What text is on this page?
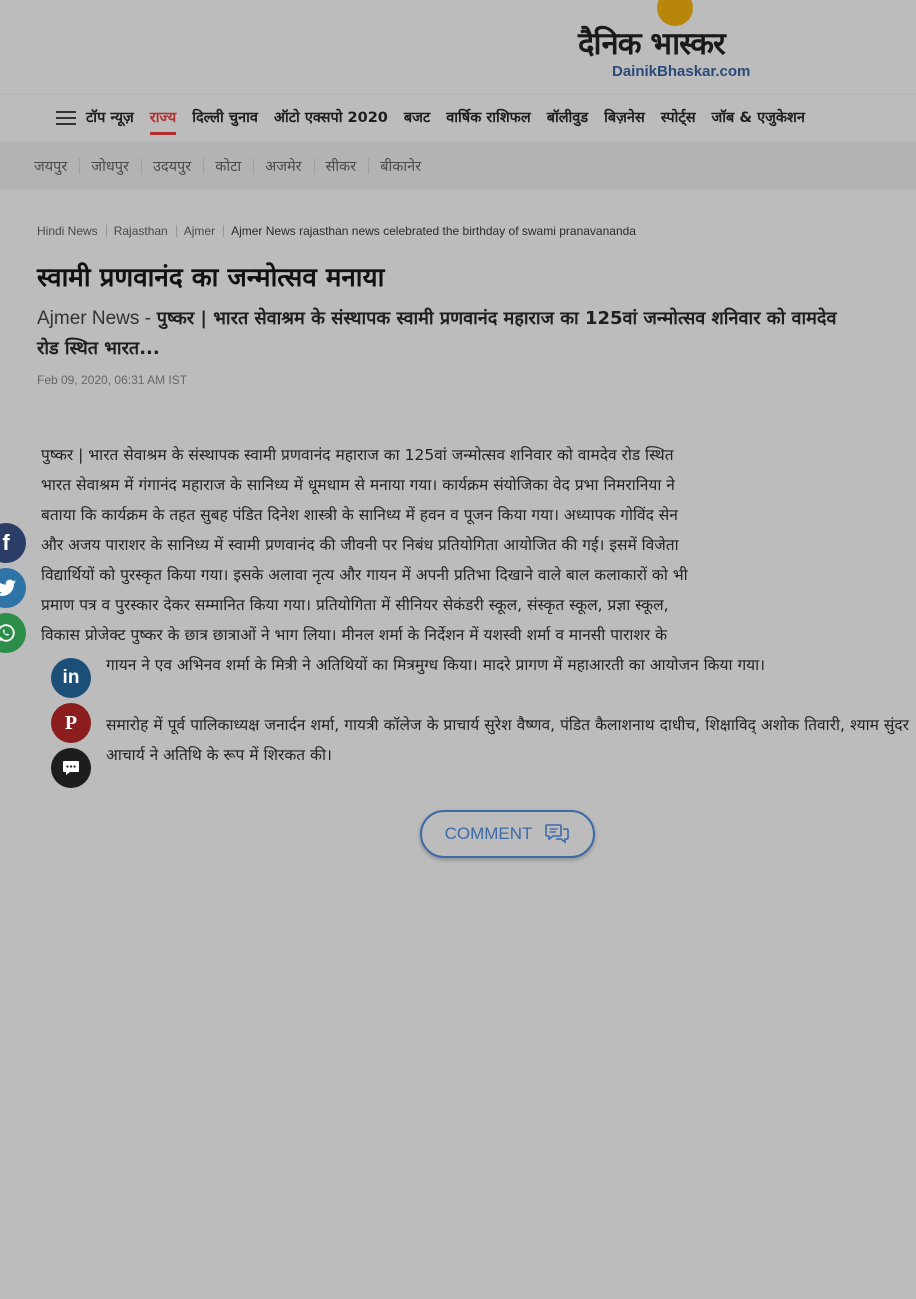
दैनिक भास्कर
DainikBhaskar.com
टॉप न्यूज़ राज्य दिल्ली चुनाव ऑटो एक्सपो 2020 बजट वार्षिक राशिफल बॉलीवुड बिज़नेस स्पोर्ट्स जॉब & एजुकेशन
जयपुर	जोधपुर	उदयपुर	कोटा	अजमेर	सीकर	बीकानेर
Hindi News	Rajasthan	Ajmer	Ajmer News rajasthan news celebrated the birthday of swami pranavananda
स्वामी प्रणवानंद का जन्मोत्सव मनाया
Ajmer News - पुष्कर | भारत सेवाश्रम के संस्थापक स्वामी प्रणवानंद महाराज का 125वां जन्मोत्सव शनिवार को वामदेव रोड स्थित भारत...
Feb 09, 2020, 06:31 AM IST
पुष्कर | भारत सेवाश्रम के संस्थापक स्वामी प्रणवानंद महाराज का 125वां जन्मोत्सव शनिवार को वामदेव रोड स्थित
भारत सेवाश्रम में गंगानंद महाराज के सानिध्य में धूमधाम से मनाया गया। कार्यक्रम संयोजिका वेद प्रभा निमरानिया ने
बताया कि कार्यक्रम के तहत सुबह पंडित दिनेश शास्त्री के सानिध्य में हवन व पूजन किया गया। अध्यापक गोविंद सेन
और अजय पाराशर के सानिध्य में स्वामी प्रणवानंद की जीवनी पर निबंध प्रतियोगिता आयोजित की गई। इसमें विजेता
विद्यार्थियों को पुरस्कृत किया गया। इसके अलावा नृत्य और गायन में अपनी प्रतिभा दिखाने वाले बाल कलाकारों को भी
प्रमाण पत्र व पुरस्कार देकर सम्मानित किया गया। प्रतियोगिता में सीनियर सेकंडरी स्कूल, संस्कृत स्कूल, प्रज्ञा स्कूल,
विकास प्रोजेक्ट पुष्कर के छात्र छात्राओं ने भाग लिया। मीनल शर्मा के निर्देशन में यशस्वी शर्मा व मानसी पाराशर के
गायन ने एव अभिनव शर्मा के मित्री ने अतिथियों का मित्रमुग्ध किया। मादरे प्रागण में महाआरती का आयोजन किया गया।
समारोह में पूर्व पालिकाध्यक्ष जनार्दन शर्मा, गायत्री कॉलेज के प्राचार्य सुरेश वैष्णव, पंडित कैलाशनाथ दाधीच, शिक्षाविद् अशोक तिवारी, श्याम सुंदर आचार्य ने अतिथि के रूप में शिरकत की।
f
in
P
COMMENT
